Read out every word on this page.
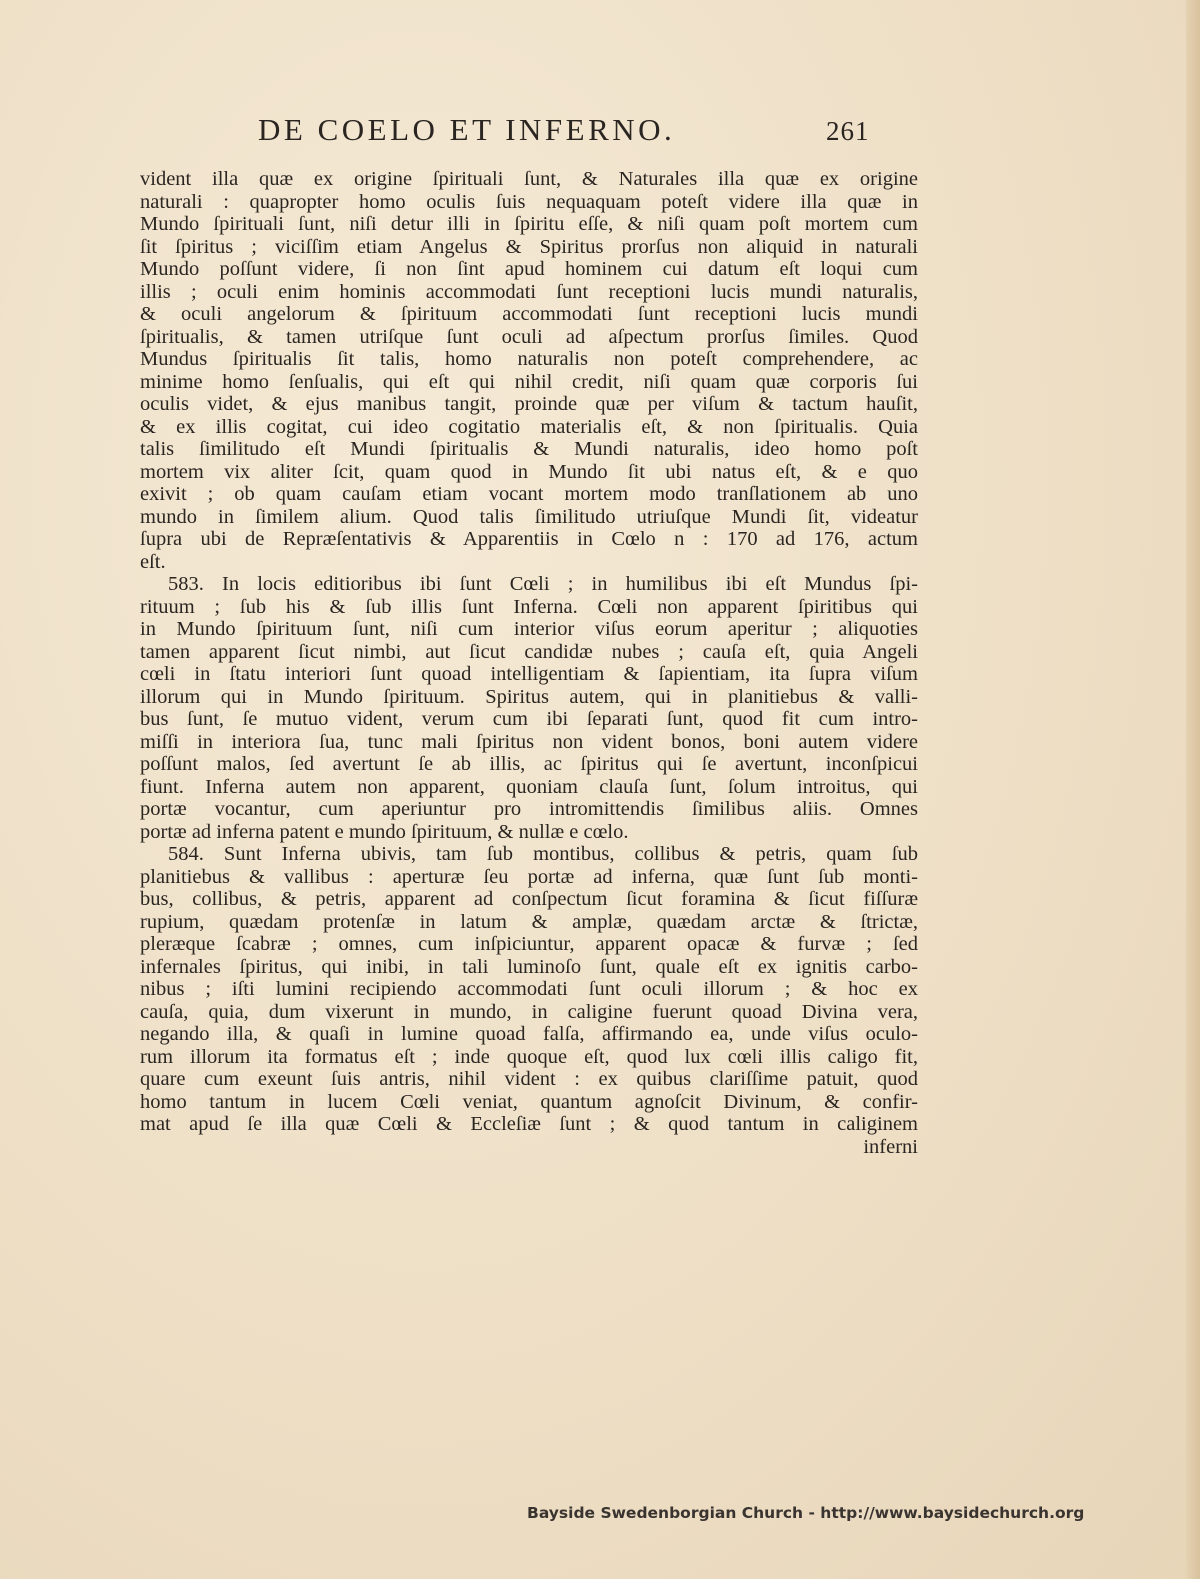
DE COELO ET INFERNO.	261
vident illa quæ ex origine ſpirituali ſunt, & Naturales illa quæ ex origine
naturali : quapropter homo oculis ſuis nequaquam poteſt videre illa quæ in
Mundo ſpirituali ſunt, niſi detur illi in ſpiritu eſſe, & niſi quam poſt mortem cum
ſit ſpiritus ; viciſſim etiam Angelus & Spiritus prorſus non aliquid in naturali
Mundo poſſunt videre, ſi non ſint apud hominem cui datum eſt loqui cum
illis ; oculi enim hominis accommodati ſunt receptioni lucis mundi naturalis,
& oculi angelorum & ſpirituum accommodati ſunt receptioni lucis mundi
ſpiritualis, & tamen utriſque ſunt oculi ad aſpectum prorſus ſimiles. Quod
Mundus ſpiritualis ſit talis, homo naturalis non poteſt comprehendere, ac
minime homo ſenſualis, qui eſt qui nihil credit, niſi quam quæ corporis ſui
oculis videt, & ejus manibus tangit, proinde quæ per viſum & tactum hauſit,
& ex illis cogitat, cui ideo cogitatio materialis eſt, & non ſpiritualis. Quia
talis ſimilitudo eſt Mundi ſpiritualis & Mundi naturalis, ideo homo poſt
mortem vix aliter ſcit, quam quod in Mundo ſit ubi natus eſt, & e quo
exivit ; ob quam cauſam etiam vocant mortem modo tranſlationem ab uno
mundo in ſimilem alium. Quod talis ſimilitudo utriuſque Mundi ſit, videatur
ſupra ubi de Repræſentativis & Apparentiis in Cœlo n : 170 ad 176, actum
eſt.
583. In locis editioribus ibi ſunt Cœli ; in humilibus ibi eſt Mundus ſpi-
rituum ; ſub his & ſub illis ſunt Inferna. Cœli non apparent ſpiritibus qui
in Mundo ſpirituum ſunt, niſi cum interior viſus eorum aperitur ; aliquoties
tamen apparent ſicut nimbi, aut ſicut candidæ nubes ; cauſa eſt, quia Angeli
cœli in ſtatu interiori ſunt quoad intelligentiam & ſapientiam, ita ſupra viſum
illorum qui in Mundo ſpirituum. Spiritus autem, qui in planitiebus & valli-
bus ſunt, ſe mutuo vident, verum cum ibi ſeparati ſunt, quod fit cum intro-
miſſi in interiora ſua, tunc mali ſpiritus non vident bonos, boni autem videre
poſſunt malos, ſed avertunt ſe ab illis, ac ſpiritus qui ſe avertunt, inconſpicui
fiunt. Inferna autem non apparent, quoniam clauſa ſunt, ſolum introitus, qui
portæ vocantur, cum aperiuntur pro intromittendis ſimilibus aliis. Omnes
portæ ad inferna patent e mundo ſpirituum, & nullæ e cœlo.
584. Sunt Inferna ubivis, tam ſub montibus, collibus & petris, quam ſub
planitiebus & vallibus : aperturæ ſeu portæ ad inferna, quæ ſunt ſub monti-
bus, collibus, & petris, apparent ad conſpectum ſicut foramina & ſicut fiſſuræ
rupium, quædam protenſæ in latum & amplæ, quædam arctæ & ſtrictæ,
pleræque ſcabræ ; omnes, cum inſpiciuntur, apparent opacæ & furvæ ; ſed
infernales ſpiritus, qui inibi, in tali luminoſo ſunt, quale eſt ex ignitis carbo-
nibus ; iſti lumini recipiendo accommodati ſunt oculi illorum ; & hoc ex
cauſa, quia, dum vixerunt in mundo, in caligine fuerunt quoad Divina vera,
negando illa, & quaſi in lumine quoad falſa, affirmando ea, unde viſus oculo-
rum illorum ita formatus eſt ; inde quoque eſt, quod lux cœli illis caligo fit,
quare cum exeunt ſuis antris, nihil vident : ex quibus clariſſime patuit, quod
homo tantum in lucem Cœli veniat, quantum agnoſcit Divinum, & confir-
mat apud ſe illa quæ Cœli & Eccleſiæ ſunt ; & quod tantum in caliginem
inferni
Bayside Swedenborgian Church - http://www.baysidechurch.org
